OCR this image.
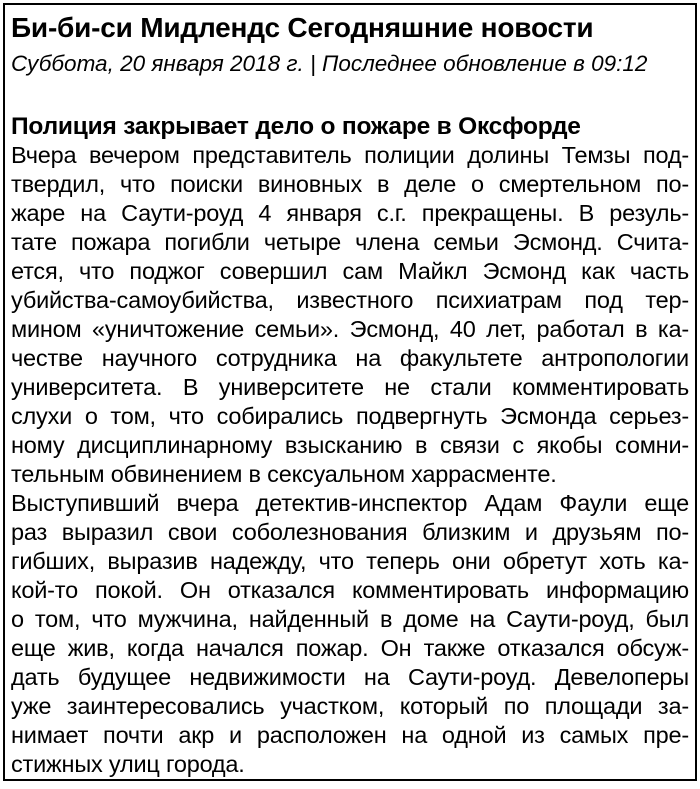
Би-би-си Мидлендс Сегодняшние новости
Суббота, 20 января 2018 г. | Последнее обновление в 09:12
Полиция закрывает дело о пожаре в Оксфорде
Вчера вечером представитель полиции долины Темзы под-
твердил, что поиски виновных в деле о смертельном по-
жаре на Саути-роуд 4 января с.г. прекращены. В резуль-
тате пожара погибли четыре члена семьи Эсмонд. Счита-
ется, что поджог совершил сам Майкл Эсмонд как часть
убийства-самоубийства, известного психиатрам под тер-
мином «уничтожение семьи». Эсмонд, 40 лет, работал в ка-
честве научного сотрудника на факультете антропологии
университета. В университете не стали комментировать
слухи о том, что собирались подвергнуть Эсмонда серьез-
ному дисциплинарному взысканию в связи с якобы сомни-
тельным обвинением в сексуальном харрасменте.
Выступивший вчера детектив-инспектор Адам Фаули еще
раз выразил свои соболезнования близким и друзьям по-
гибших, выразив надежду, что теперь они обретут хоть ка-
кой-то покой. Он отказался комментировать информацию
о том, что мужчина, найденный в доме на Саути-роуд, был
еще жив, когда начался пожар. Он также отказался обсуж-
дать будущее недвижимости на Саути-роуд. Девелоперы
уже заинтересовались участком, который по площади за-
нимает почти акр и расположен на одной из самых пре-
стижных улиц города.
